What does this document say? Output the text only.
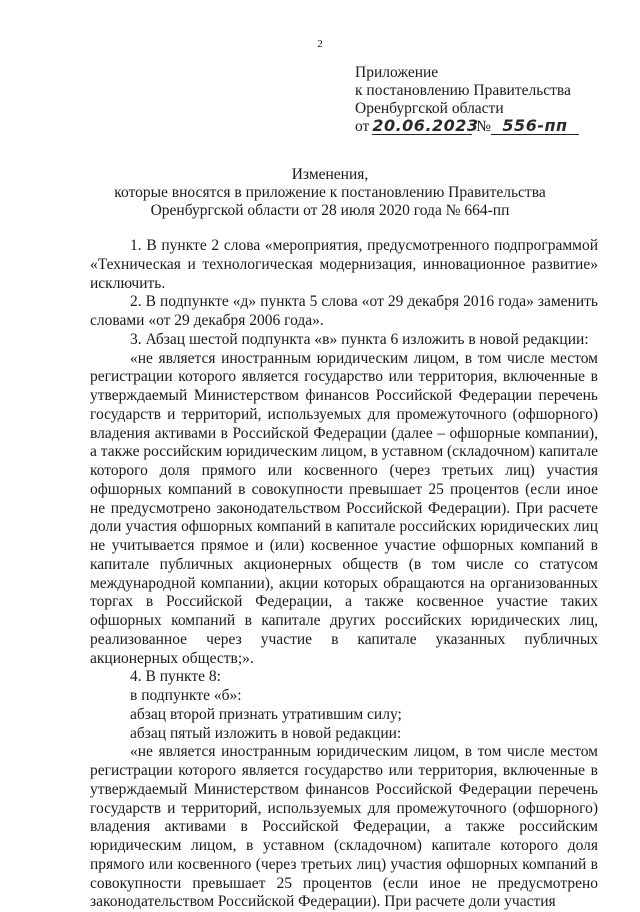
2
Приложение
к постановлению Правительства
Оренбургской области
от 20.06.2023 № 556-пп
Изменения,
которые вносятся в приложение к постановлению Правительства
Оренбургской области от 28 июля 2020 года № 664-пп

1. В пункте 2 слова «мероприятия, предусмотренного подпрограммой «Техническая и технологическая модернизация, инновационное развитие» исключить.

2. В подпункте «д» пункта 5 слова «от 29 декабря 2016 года» заменить словами «от 29 декабря 2006 года».

3. Абзац шестой подпункта «в» пункта 6 изложить в новой редакции:

«не является иностранным юридическим лицом, в том числе местом регистрации которого является государство или территория, включенные в утверждаемый Министерством финансов Российской Федерации перечень государств и территорий, используемых для промежуточного (офшорного) владения активами в Российской Федерации (далее – офшорные компании), а также российским юридическим лицом, в уставном (складочном) капитале которого доля прямого или косвенного (через третьих лиц) участия офшорных компаний в совокупности превышает 25 процентов (если иное не предусмотрено законодательством Российской Федерации). При расчете доли участия офшорных компаний в капитале российских юридических лиц не учитывается прямое и (или) косвенное участие офшорных компаний в капитале публичных акционерных обществ (в том числе со статусом международной компании), акции которых обращаются на организованных торгах в Российской Федерации, а также косвенное участие таких офшорных компаний в капитале других российских юридических лиц, реализованное через участие в капитале указанных публичных акционерных обществ;».

4. В пункте 8:

в подпункте «б»:

абзац второй признать утратившим силу;

абзац пятый изложить в новой редакции:

«не является иностранным юридическим лицом, в том числе местом регистрации которого является государство или территория, включенные в утверждаемый Министерством финансов Российской Федерации перечень государств и территорий, используемых для промежуточного (офшорного) владения активами в Российской Федерации, а также российским юридическим лицом, в уставном (складочном) капитале которого доля прямого или косвенного (через третьих лиц) участия офшорных компаний в совокупности превышает 25 процентов (если иное не предусмотрено законодательством Российской Федерации). При расчете доли участия
